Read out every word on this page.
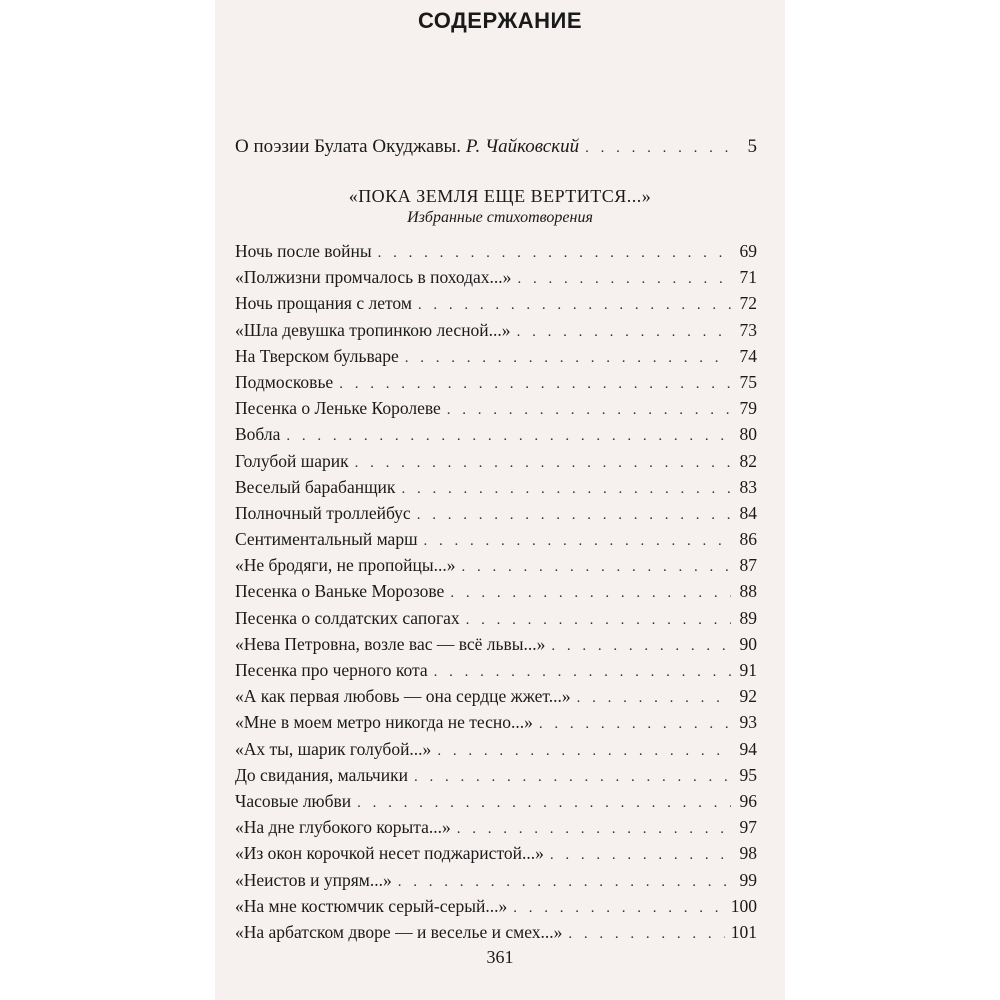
СОДЕРЖАНИЕ
О поэзии Булата Окуджавы. Р. Чайковский . . .	5
«ПОКА ЗЕМЛЯ ЕЩЕ ВЕРТИТСЯ...»
Избранные стихотворения
Ночь после войны . . .	69
«Полжизни промчалось в походах...» . . .	71
Ночь прощания с летом . . .	72
«Шла девушка тропинкою лесной...» . . .	73
На Тверском бульваре . . .	74
Подмосковье . . .	75
Песенка о Леньке Королеве . . .	79
Вобла . . .	80
Голубой шарик . . .	82
Веселый барабанщик . . .	83
Полночный троллейбус . . .	84
Сентиментальный марш . . .	86
«Не бродяги, не пропойцы...» . . .	87
Песенка о Ваньке Морозове . . .	88
Песенка о солдатских сапогах . . .	89
«Нева Петровна, возле вас — всё львы...» . . .	90
Песенка про черного кота . . .	91
«А как первая любовь — она сердце жжет...» . . .	92
«Мне в моем метро никогда не тесно...» . . .	93
«Ах ты, шарик голубой...» . . .	94
До свидания, мальчики . . .	95
Часовые любви . . .	96
«На дне глубокого корыта...» . . .	97
«Из окон корочкой несет поджаристой...» . . .	98
«Неистов и упрям...» . . .	99
«На мне костюмчик серый-серый...» . . .	100
«На арбатском дворе — и веселье и смех...» . . .	101
361
